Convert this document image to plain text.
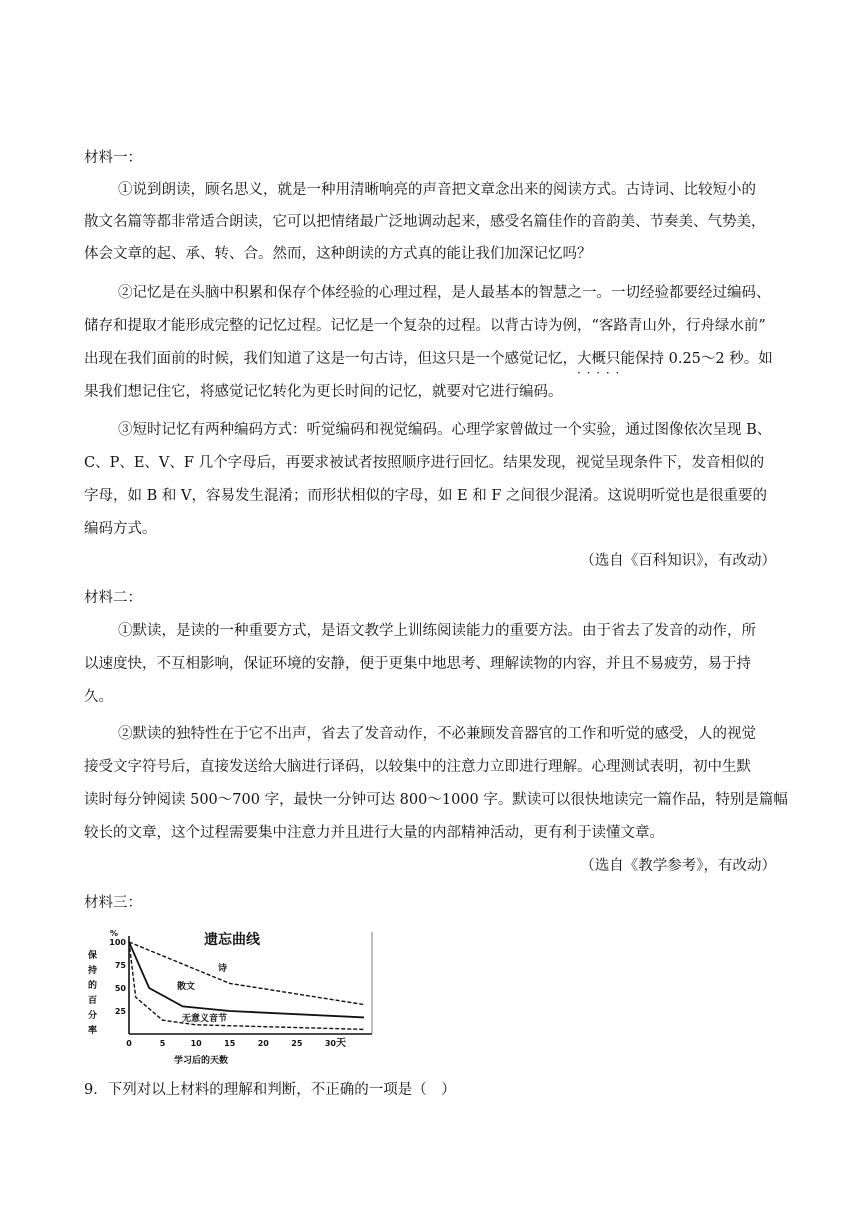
材料一：
①说到朗读，顾名思义，就是一种用清晰响亮的声音把文章念出来的阅读方式。古诗词、比较短小的
散文名篇等都非常适合朗读，它可以把情绪最广泛地调动起来，感受名篇佳作的音韵美、节奏美、气势美，
体会文章的起、承、转、合。然而，这种朗读的方式真的能让我们加深记忆吗？
②记忆是在头脑中积累和保存个体经验的心理过程，是人最基本的智慧之一。一切经验都要经过编码、
储存和提取才能形成完整的记忆过程。记忆是一个复杂的过程。以背古诗为例，“客路青山外，行舟绿水前”
出现在我们面前的时候，我们知道了这是一句古诗，但这只是一个感觉记忆，大概只能 · · ·保持 0.25～2 秒。如
果我们想记住它，将感觉记忆转化为更长时间的记忆，就要对它进行编码。
③短时记忆有两种编码方式：听觉编码和视觉编码。心理学家曾做过一个实验，通过图像依次呈现 B、
C、P、E、V、F 几个字母后，再要求被试者按照顺序进行回忆。结果发现，视觉呈现条件下，发音相似的
字母，如 B 和 V，容易发生混淆；而形状相似的字母，如 E 和 F 之间很少混淆。这说明听觉也是很重要的
编码方式。
（选自《百科知识》，有改动）
材料二：
①默读，是读的一种重要方式，是语文教学上训练阅读能力的重要方法。由于省去了发音的动作，所
以速度快，不互相影响，保证环境的安静，便于更集中地思考、理解读物的内容，并且不易疲劳，易于持
久。
②默读的独特性在于它不出声，省去了发音动作，不必兼顾发音器官的工作和听觉的感受，人的视觉
接受文字符号后，直接发送给大脑进行译码，以较集中的注意力立即进行理解。心理测试表明，初中生默
读时每分钟阅读 500～700 字，最快一分钟可达 800～1000 字。默读可以很快地读完一篇作品，特别是篇幅
较长的文章，这个过程需要集中注意力并且进行大量的内部精神活动，更有利于读懂文章。
（选自《教学参考》，有改动）
材料三：
遗忘曲线
%
保
持
的
百
分
率
100
75
50
25
0	5	10	15	20	25	30 天
学习后的天数
诗
散文
无意义音节
9．下列对以上材料的理解和判断，不正确的一项是（　）
